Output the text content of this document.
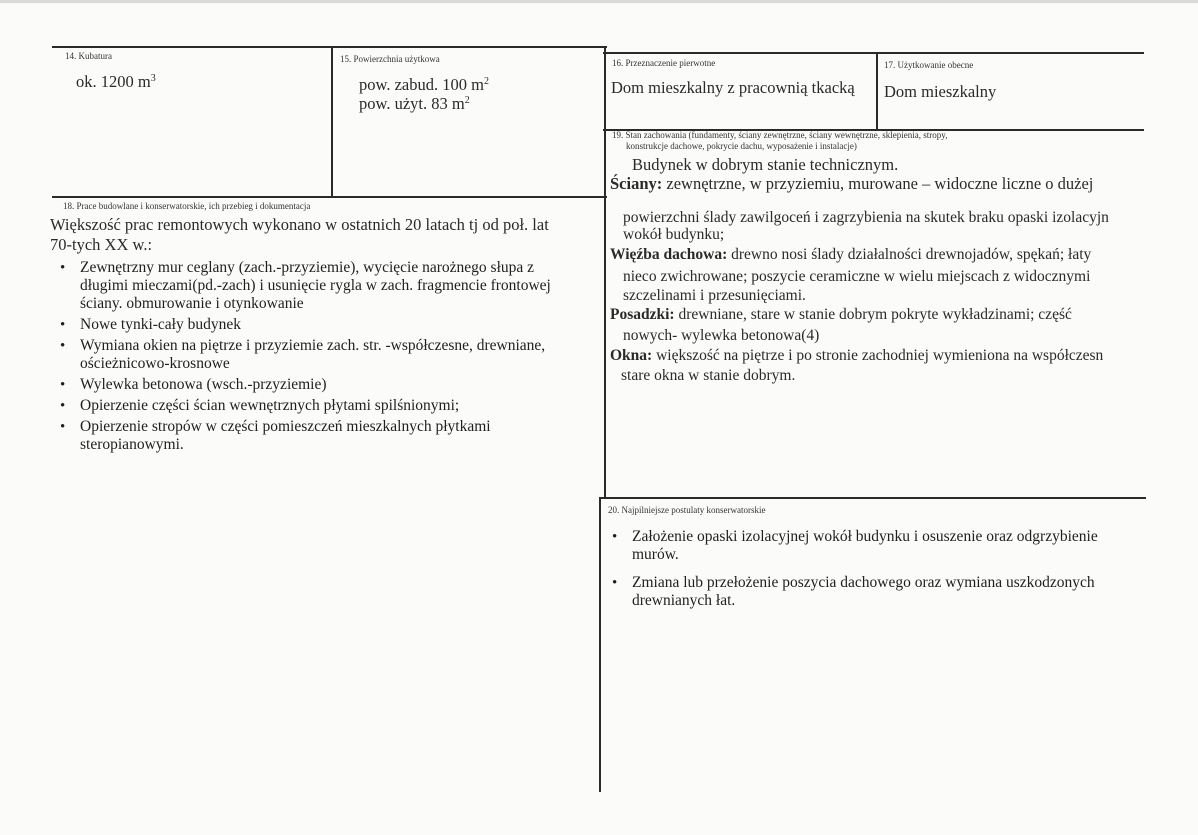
14. Kubatura
ok. 1200 $m^3$
15. Powierzchnia użytkowa
pow. zabud. 100 $m^2$
pow. użyt. 83 $m^2$
16. Przeznaczenie pierwotne
Dom mieszkalny z pracownią tkacką
17. Użytkowanie obecne
Dom mieszkalny
19. Stan zachowania (fundamenty, ściany zewnętrzne, ściany wewnętrzne, sklepienia, stropy,
konstrukcje dachowe, pokrycie dachu, wyposażenie i instalacje)
Budynek w dobrym stanie technicznym.
Ściany: zewnętrzne, w przyziemiu, murowane – widoczne liczne o dużej
powierzchni ślady zawilgoceń i zagrzybienia na skutek braku opaski izolacyjn
wokół budynku;
Więźba dachowa: drewno nosi ślady działalności drewnojadów, spękań; łaty
nieco zwichrowane; poszycie ceramiczne w wielu miejscach z widocznymi
szczelinami i przesunięciami.
Posadzki: drewniane, stare w stanie dobrym pokryte wykładzinami; część
nowych- wylewka betonowa(4)
Okna: większość na piętrze i po stronie zachodniej wymieniona na współczesn
stare okna w stanie dobrym.
18. Prace budowlane i konserwatorskie, ich przebieg i dokumentacja
Większość prac remontowych wykonano w ostatnich 20 latach tj od poł. lat
70-tych XX w.:
• Zewnętrzny mur ceglany (zach.-przyziemie), wycięcie narożnego słupa z
długimi mieczami(pd.-zach) i usunięcie rygla w zach. fragmencie frontowej
ściany. obmurowanie i otynkowanie
• Nowe tynki-cały budynek
• Wymiana okien na piętrze i przyziemie zach. str. -współczesne, drewniane,
ościeżnicowo-krosnowe
• Wylewka betonowa (wsch.-przyziemie)
• Opierzenie części ścian wewnętrznych płytami spilśnionymi;
• Opierzenie stropów w części pomieszczeń mieszkalnych płytkami
steropianowymi.
20. Najpilniejsze postulaty konserwatorskie
• Założenie opaski izolacyjnej wokół budynku i osuszenie oraz odgrzybienie
murów.
• Zmiana lub przełożenie poszycia dachowego oraz wymiana uszkodzonych
drewnianych łat.
